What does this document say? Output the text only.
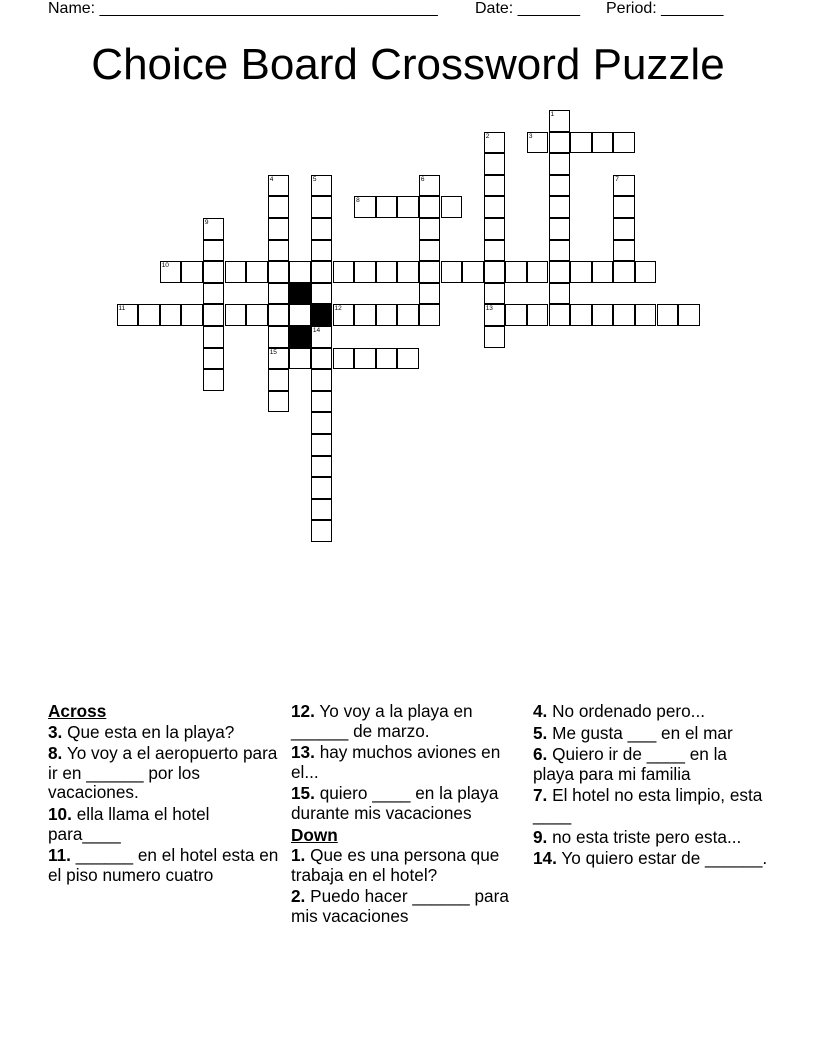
Name: ______________________________________ Date: _______ Period: _______
Choice Board Crossword Puzzle
1
2
13
3
4
15
5
14
6	7
8
9
10
11	12
Across
3. Que esta en la playa?
8. Yo voy a el aeropuerto para ir en ______ por los vacaciones.
10. ella llama el hotel para____
11. ______ en el hotel esta en el piso numero cuatro
12. Yo voy a la playa en ______ de marzo.
13. hay muchos aviones en el...
15. quiero ____ en la playa durante mis vacaciones
Down
1. Que es una persona que trabaja en el hotel?
2. Puedo hacer ______ para mis vacaciones
4. No ordenado pero...
5. Me gusta ___ en el mar
6. Quiero ir de ____ en la playa para mi familia
7. El hotel no esta limpio, esta ____
9. no esta triste pero esta...
14. Yo quiero estar de ______.
